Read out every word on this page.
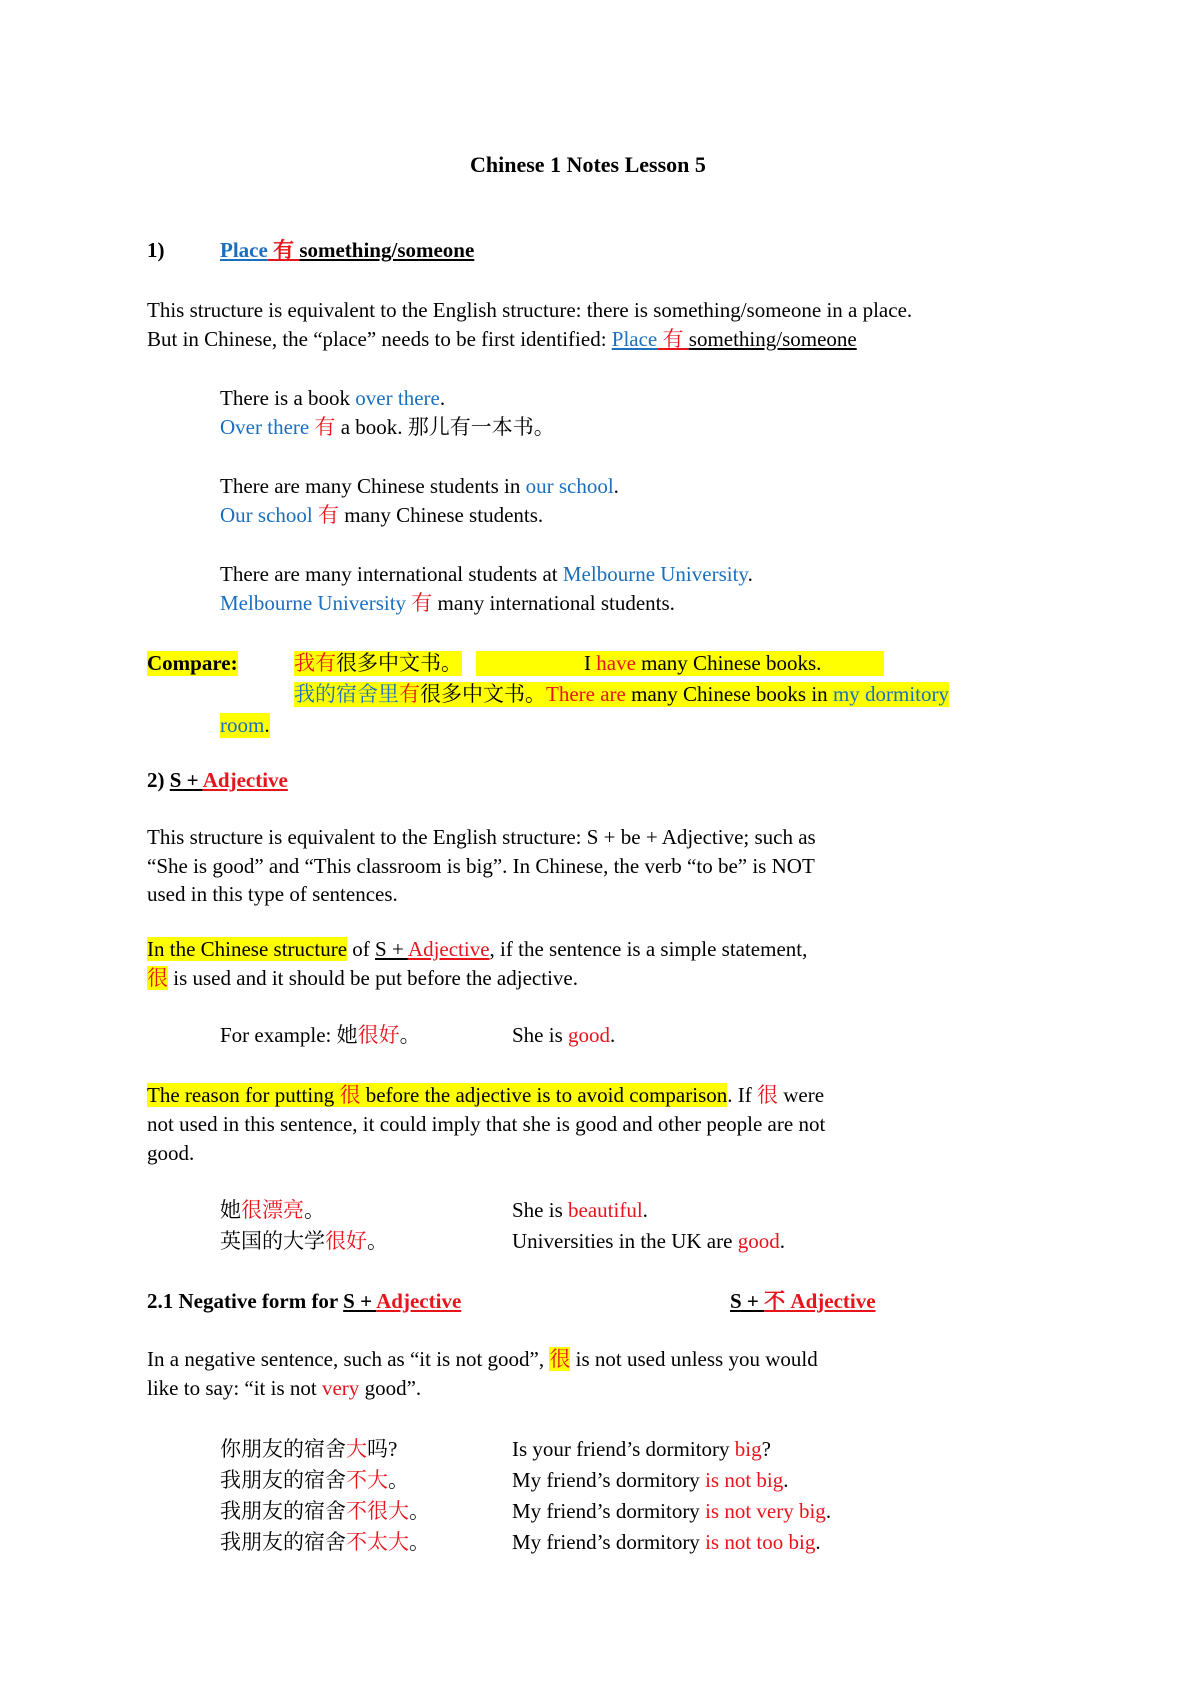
Chinese 1 Notes Lesson 5
1)	Place 有 something/someone
This structure is equivalent to the English structure: there is something/someone in a place.
But in Chinese, the “place” needs to be first identified: Place 有 something/someone
There is a book over there.
Over there 有 a book. 那儿有一本书。
There are many Chinese students in our school.
Our school 有 many Chinese students.
There are many international students at Melbourne University.
Melbourne University 有 many international students.
Compare:	我有很多中文书。	I have many Chinese books.
我的宿舍里有很多中文书。There are many Chinese books in my dormitory
room.
2) S + Adjective
This structure is equivalent to the English structure: S + be + Adjective; such as
“She is good” and “This classroom is big”. In Chinese, the verb “to be” is NOT
used in this type of sentences.
In the Chinese structure of S + Adjective, if the sentence is a simple statement,
很 is used and it should be put before the adjective.
For example: 她很好。	She is good.
The reason for putting 很 before the adjective is to avoid comparison. If 很 were
not used in this sentence, it could imply that she is good and other people are not
good.
她很漂亮。	She is beautiful.
英国的大学很好。	Universities in the UK are good.
2.1 Negative form for S + Adjective	S + 不 Adjective
In a negative sentence, such as “it is not good”, 很 is not used unless you would
like to say: “it is not very good”.
你朋友的宿舍大吗?	Is your friend’s dormitory big?
我朋友的宿舍不大。	My friend’s dormitory is not big.
我朋友的宿舍不很大。	My friend’s dormitory is not very big.
我朋友的宿舍不太大。	My friend’s dormitory is not too big.
